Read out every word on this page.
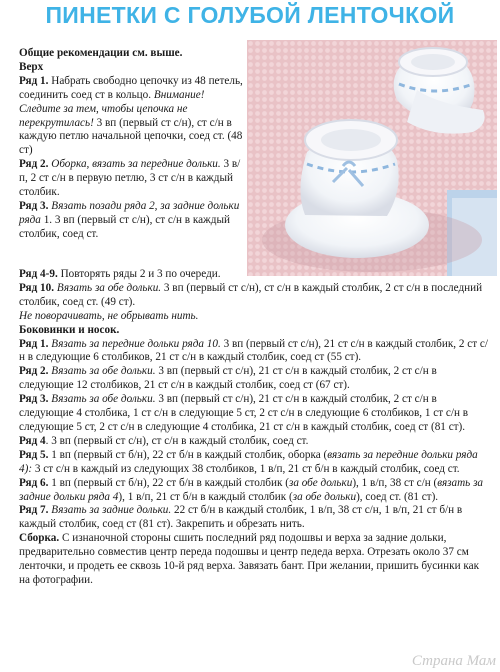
ПИНЕТКИ С ГОЛУБОЙ ЛЕНТОЧКОЙ

Общие рекомендации см. выше.

Верх

Ряд 1. Набрать свободно цепочку из 48 петель, соединить соед ст в кольцо. Внимание! Следите за тем, чтобы цепочка не перекрутилась! 3 вп (первый ст с/н), ст с/н в каждую петлю начальной цепочки, соед ст. (48 ст)

Ряд 2. Оборка, вязать за передние дольки. 3 в/п, 2 ст с/н в первую петлю, 3 ст с/н в каждый столбик.

Ряд 3. Вязать позади ряда 2, за задние дольки ряда 1. 3 вп (первый ст с/н), ст с/н в каждый столбик, соед ст.

Ряд 4-9. Повторять ряды 2 и 3 по очереди.

Ряд 10. Вязать за обе дольки. 3 вп (первый ст с/н), ст с/н в каждый столбик, 2 ст с/н в последний столбик, соед ст. (49 ст).

Не поворачивать, не обрывать нить.

Боковинки и носок.

Ряд 1. Вязать за передние дольки ряда 10. 3 вп (первый ст с/н), 21 ст с/н в каждый столбик, 2 ст с/н в следующие 6 столбиков, 21 ст с/н в каждый столбик, соед ст (55 ст).

Ряд 2. Вязать за обе дольки. 3 вп (первый ст с/н), 21 ст с/н в каждый столбик, 2 ст с/н в следующие 12 столбиков, 21 ст с/н в каждый столбик, соед ст (67 ст).

Ряд 3. Вязать за обе дольки. 3 вп (первый ст с/н), 21 ст с/н в каждый столбик, 2 ст с/н в следующие 4 столбика, 1 ст с/н в следующие 5 ст, 2 ст с/н в следующие 6 столбиков, 1 ст с/н в следующие 5 ст, 2 ст с/н в следующие 4 столбика, 21 ст с/н в каждый столбик, соед ст (81 ст).

Ряд 4. 3 вп (первый ст с/н), ст с/н в каждый столбик, соед ст.

Ряд 5. 1 вп (первый ст б/н), 22 ст б/н в каждый столбик, оборка (вязать за передние дольки ряда 4): 3 ст с/н в каждый из следующих 38 столбиков, 1 в/п, 21 ст б/н в каждый столбик, соед ст.

Ряд 6. 1 вп (первый ст б/н), 22 ст б/н в каждый столбик (за обе дольки), 1 в/п, 38 ст с/н (вязать за задние дольки ряда 4), 1 в/п, 21 ст б/н в каждый столбик (за обе дольки), соед ст. (81 ст).

Ряд 7. Вязать за задние дольки. 22 ст б/н в каждый столбик, 1 в/п, 38 ст с/н, 1 в/п, 21 ст б/н в каждый столбик, соед ст (81 ст). Закрепить и обрезать нить.

Сборка. С изнаночной стороны сшить последний ряд подошвы и верха за задние дольки, предварительно совместив центр переда подошвы и центр педеда верха. Отрезать около 37 см ленточки, и продеть ее сквозь 10-й ряд верха. Завязать бант. При желании, пришить бусинки как на фотографии.

Страна Мам
